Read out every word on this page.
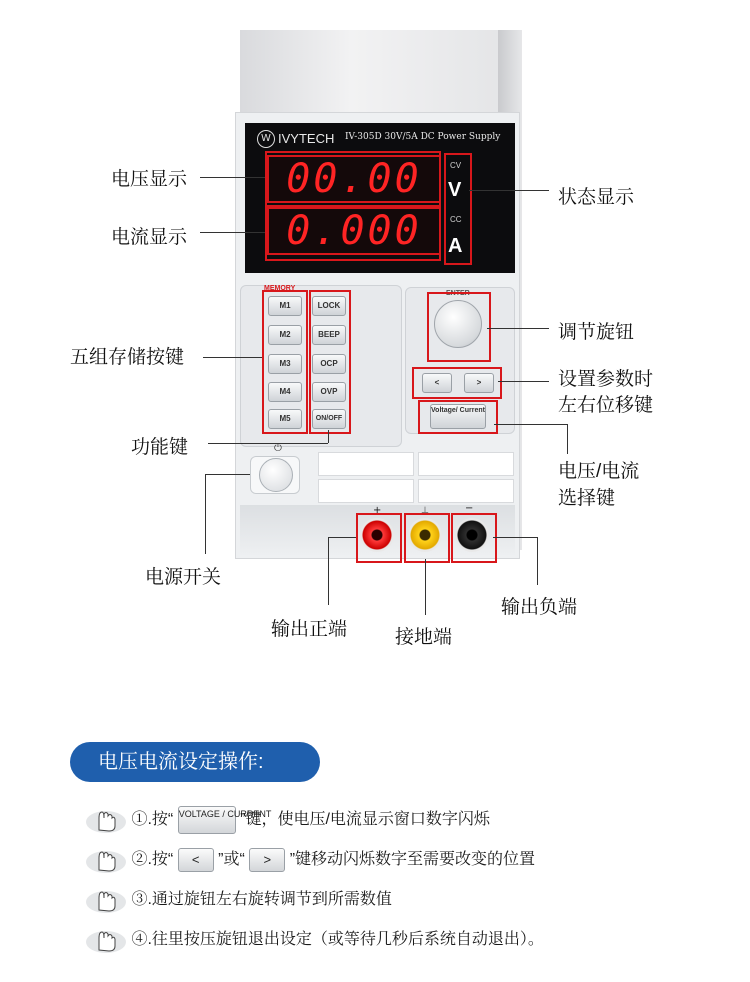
W IVYTECH IV-305D 30V/5A DC Power Supply
00.00
0.000
CV
V
CC
A
MEMORY
M1
M2
M3
M4
M5
LOCK
BEEP
OCP
OVP
ON/OFF
ENTER
<	>
Voltage/ Current
⏻
+	⏚	−
电压显示
电流显示
状态显示
调节旋钮
设置参数时
左右位移键
五组存储按键
功能键
电压/电流
选择键
电源开关
输出正端	接地端
输出负端
电压电流设定操作:
①.按“ VOLTAGE / CURRENT ”键，使电压/电流显示窗口数字闪烁
②.按“ < ”或“ > ”键移动闪烁数字至需要改变的位置
③.通过旋钮左右旋转调节到所需数值
④.往里按压旋钮退出设定（或等待几秒后系统自动退出）。
